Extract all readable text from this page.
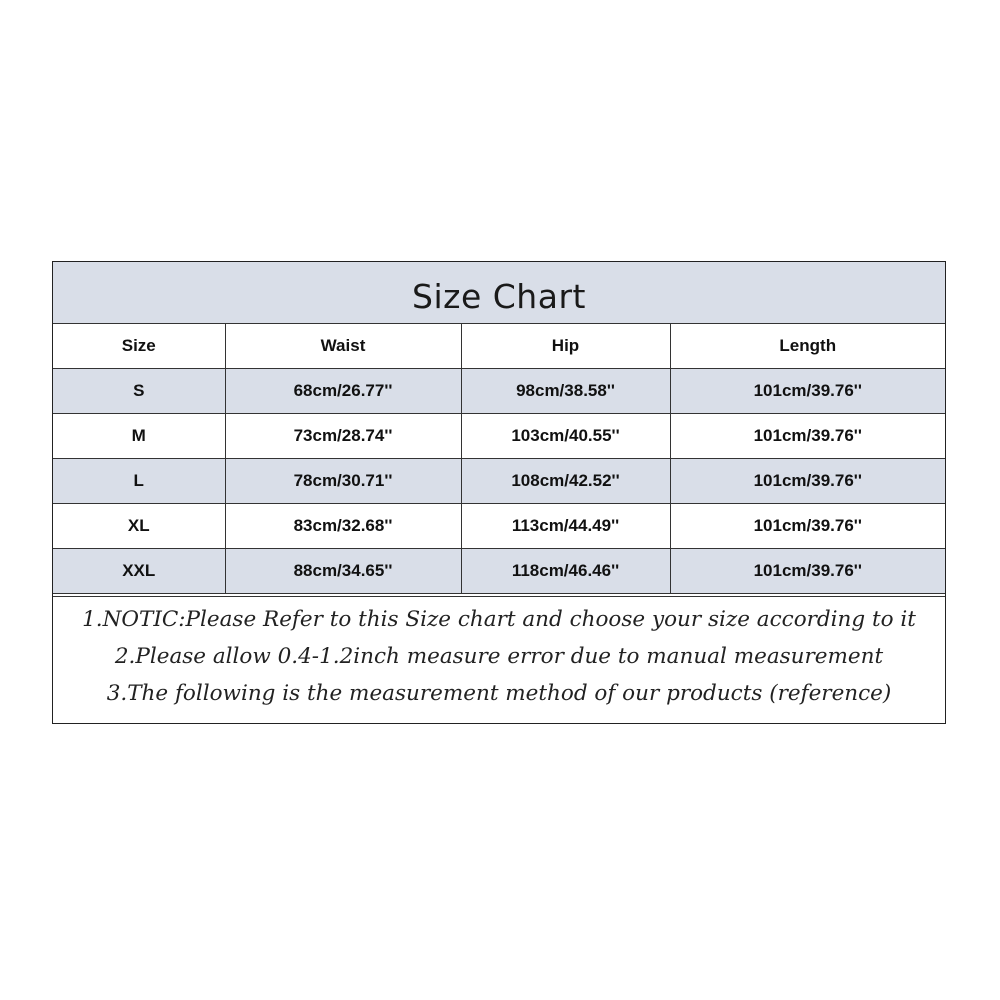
Size Chart
Size	Waist	Hip	Length
S	68cm/26.77''	98cm/38.58''	101cm/39.76''
M	73cm/28.74''	103cm/40.55''	101cm/39.76''
L	78cm/30.71''	108cm/42.52''	101cm/39.76''
XL	83cm/32.68''	113cm/44.49''	101cm/39.76''
XXL	88cm/34.65''	118cm/46.46''	101cm/39.76''
1.NOTIC:Please Refer to this Size chart and choose your size according to it
2.Please allow 0.4-1.2inch measure error due to manual measurement
3.The following is the measurement method of our products (reference)
